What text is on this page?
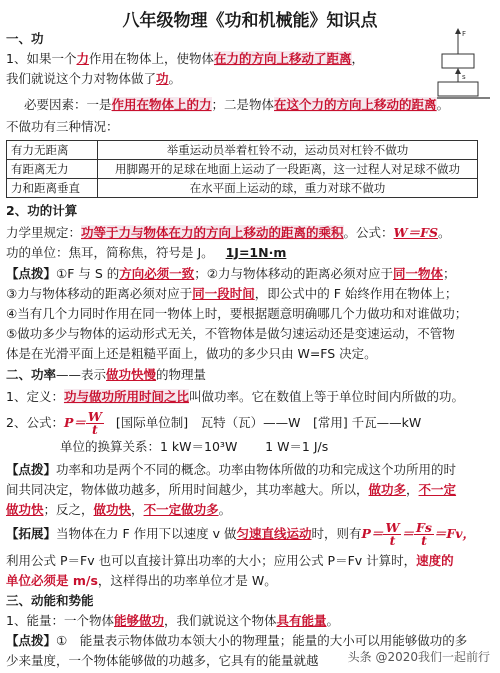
八年级物理《功和机械能》知识点
F
s
一、功
1、如果一个力作用在物体上，使物体在力的方向上移动了距离，
我们就说这个力对物体做了功。
必要因素：一是作用在物体上的力；二是物体在这个力的方向上移动的距离。
不做功有三种情况：
有力无距离	举重运动员举着杠铃不动，运动员对杠铃不做功
有距离无力	用脚踢开的足球在地面上运动了一段距离，这一过程人对足球不做功
力和距离垂直	在水平面上运动的球，重力对球不做功
2、功的计算
力学里规定：功等于力与物体在力的方向上移动的距离的乘积。公式：W＝FS。
功的单位：焦耳，简称焦，符号是 J。 1J=1N·m
【点拨】①F 与 S 的方向必须一致；②力与物体移动的距离必须对应于同一物体；
③力与物体移动的距离必须对应于同一段时间，即公式中的 F 始终作用在物体上；
④当有几个力同时作用在同一物体上时，要根据题意明确哪几个力做功和对谁做功；
⑤做功多少与物体的运动形式无关，不管物体是做匀速运动还是变速运动，不管物
体是在光滑平面上还是粗糙平面上，做功的多少只由 W=FS 决定。
二、功率——表示做功快慢的物理量
1、定义：功与做功所用时间之比叫做功率。它在数值上等于单位时间内所做的功。
2、公式：$P= \frac{W}{t}$ [国际单位制]　瓦特（瓦）——W　[常用] 千瓦——kW
单位的换算关系：1 kW＝10³W 1 W＝1 J/s
【点拨】功率和功是两个不同的概念。功率由物体所做的功和完成这个功所用的时
间共同决定，物体做功越多，所用时间越少，其功率越大。所以，做功多，不一定
做功快；反之，做功快，不一定做功多。
【拓展】当物体在力 F 作用下以速度 v 做匀速直线运动时，则有$P= \frac{W}{t} = \frac{Fs}{t} =Fv$，
利用公式 P＝Fv 也可以直接计算出功率的大小；应用公式 P＝Fv 计算时，速度的
单位必须是 m/s，这样得出的功率单位才是 W。
三、动能和势能
1、能量：一个物体能够做功，我们就说这个物体具有能量。
【点拨】①　能量表示物体做功本领大小的物理量；能量的大小可以用能够做功的多
少来量度，一个物体能够做的功越多，它具有的能量就越	头条 @2020我们一起前行
